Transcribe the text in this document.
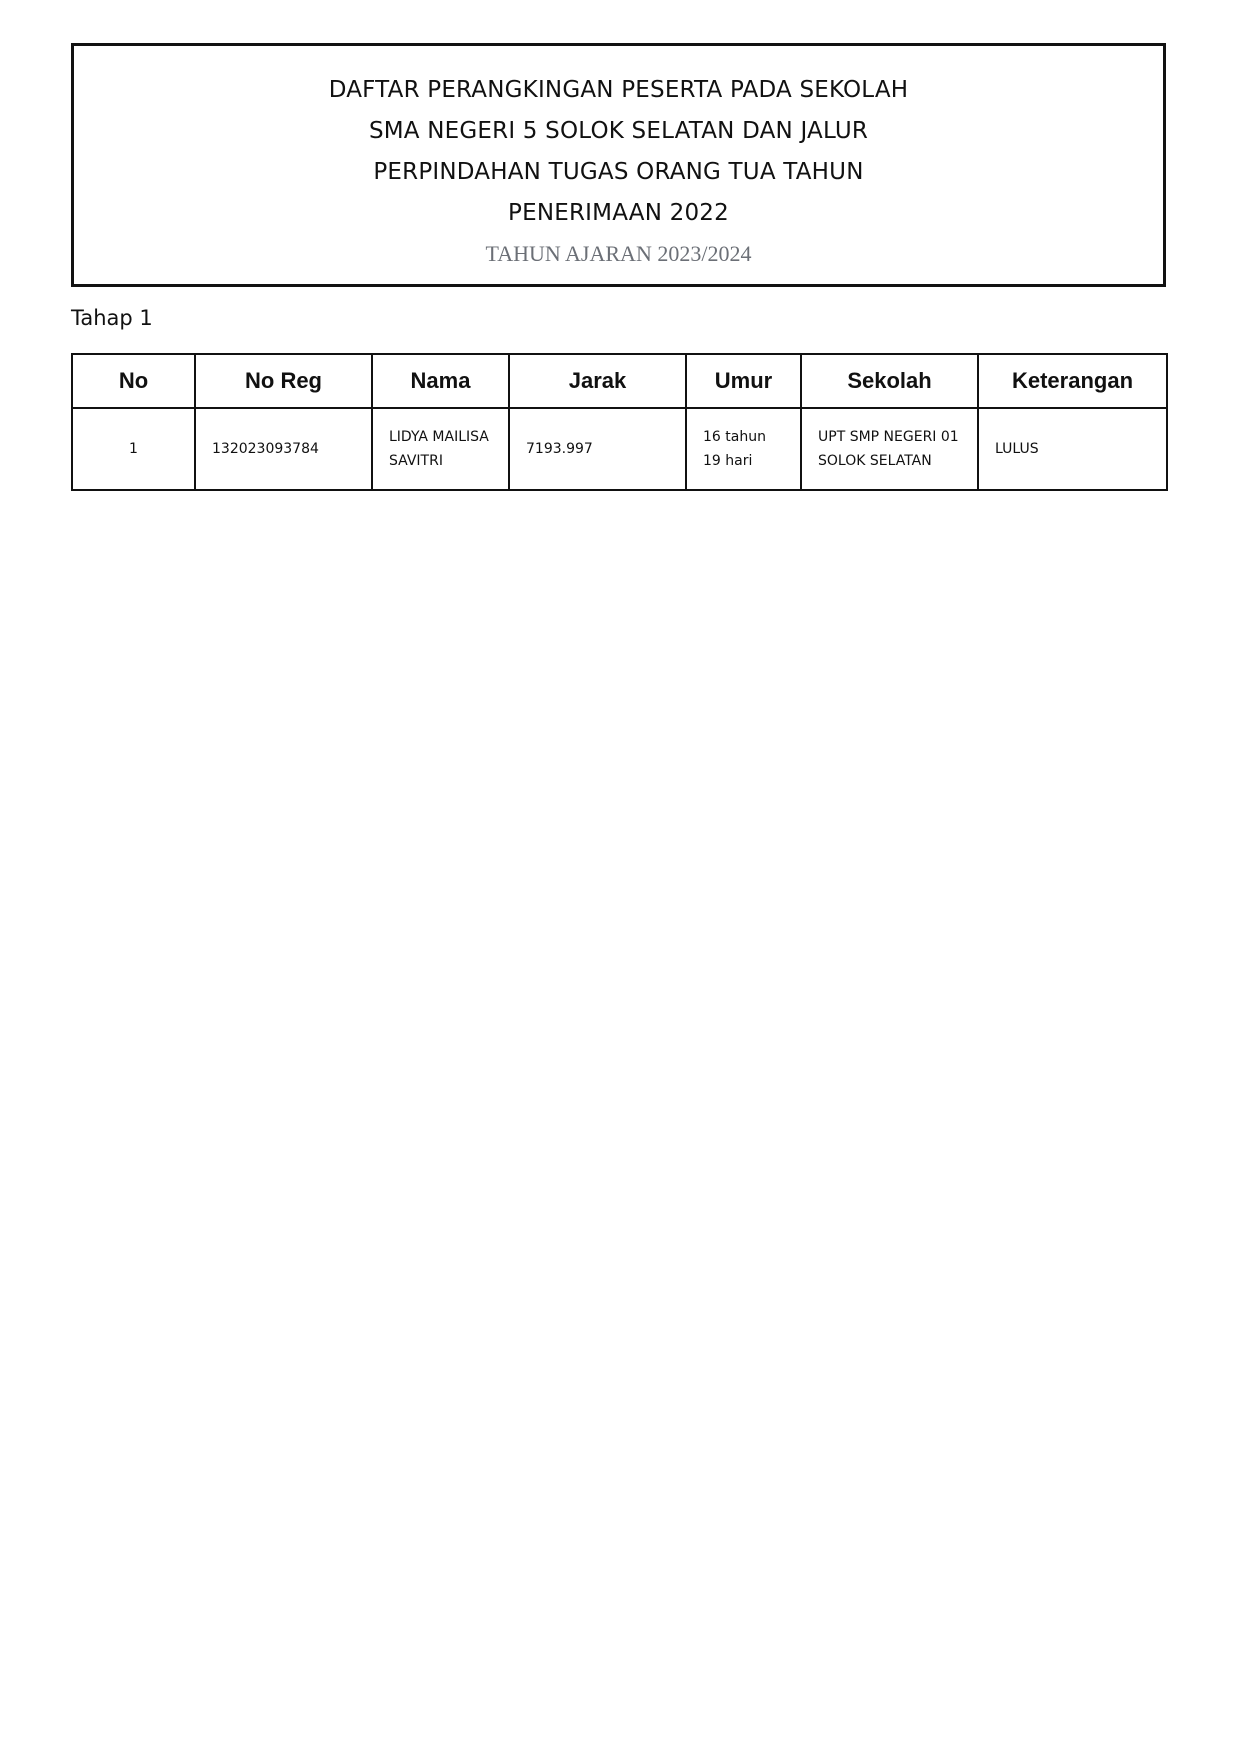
DAFTAR PERANGKINGAN PESERTA PADA SEKOLAH
SMA NEGERI 5 SOLOK SELATAN DAN JALUR
PERPINDAHAN TUGAS ORANG TUA TAHUN
PENERIMAAN 2022
TAHUN AJARAN 2023/2024
Tahap 1
No	No Reg	Nama	Jarak	Umur	Sekolah	Keterangan
1	132023093784	LIDYA MAILISA SAVITRI	7193.997	16 tahun 19 hari	UPT SMP NEGERI 01 SOLOK SELATAN	LULUS
